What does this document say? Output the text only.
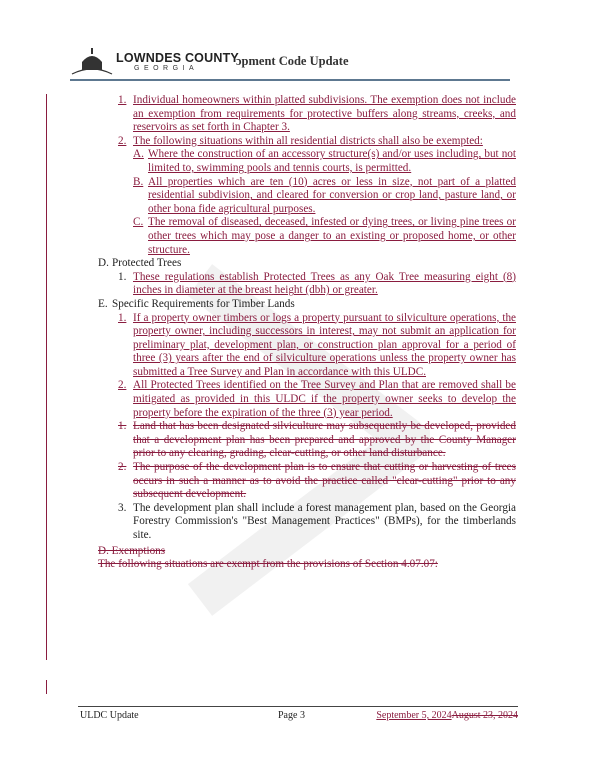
LOWNDES COUNTY
GEORGIA
ɔpment Code Update
1. Individual homeowners within platted subdivisions. The exemption does not include an exemption from requirements for protective buffers along streams, creeks, and reservoirs as set forth in Chapter 3.
2. The following situations within all residential districts shall also be exempted:
A. Where the construction of an accessory structure(s) and/or uses including, but not limited to, swimming pools and tennis courts, is permitted.
B. All properties which are ten (10) acres or less in size, not part of a platted residential subdivision, and cleared for conversion or crop land, pasture land, or other bona fide agricultural purposes.
C. The removal of diseased, deceased, infested or dying trees, or living pine trees or other trees which may pose a danger to an existing or proposed home, or other structure.
D. Protected Trees
1. These regulations establish Protected Trees as any Oak Tree measuring eight (8) inches in diameter at the breast height (dbh) or greater.
E. Specific Requirements for Timber Lands
1. If a property owner timbers or logs a property pursuant to silviculture operations, the property owner, including successors in interest, may not submit an application for preliminary plat, development plan, or construction plan approval for a period of three (3) years after the end of silviculture operations unless the property owner has submitted a Tree Survey and Plan in accordance with this ULDC.
2. All Protected Trees identified on the Tree Survey and Plan that are removed shall be mitigated as provided in this ULDC if the property owner seeks to develop the property before the expiration of the three (3) year period.
1. Land that has been designated silviculture may subsequently be developed, provided that a development plan has been prepared and approved by the County Manager prior to any clearing, grading, clear-cutting, or other land disturbance.
2. The purpose of the development plan is to ensure that cutting or harvesting of trees occurs in such a manner as to avoid the practice called "clear-cutting" prior to any subsequent development.
3. The development plan shall include a forest management plan, based on the Georgia Forestry Commission's "Best Management Practices" (BMPs), for the timberlands site.
D. Exemptions
The following situations are exempt from the provisions of Section 4.07.07:
ULDC Update	Page 3	September 5, 2024August 23, 2024
